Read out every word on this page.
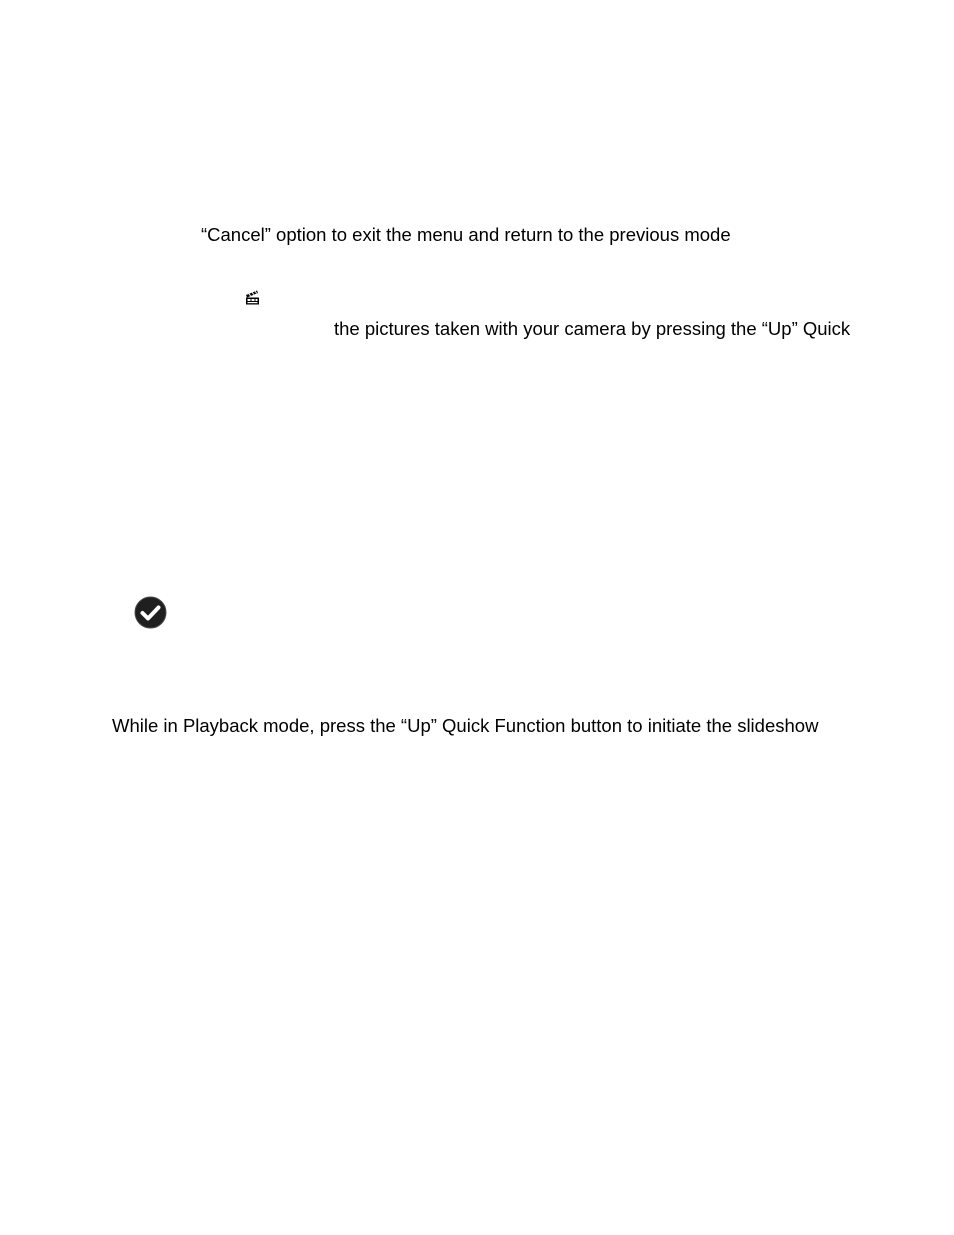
“Cancel” option to exit the menu and return to the previous mode
the pictures taken with your camera by pressing the “Up” Quick
While in Playback mode, press the “Up” Quick Function button to initiate the slideshow
